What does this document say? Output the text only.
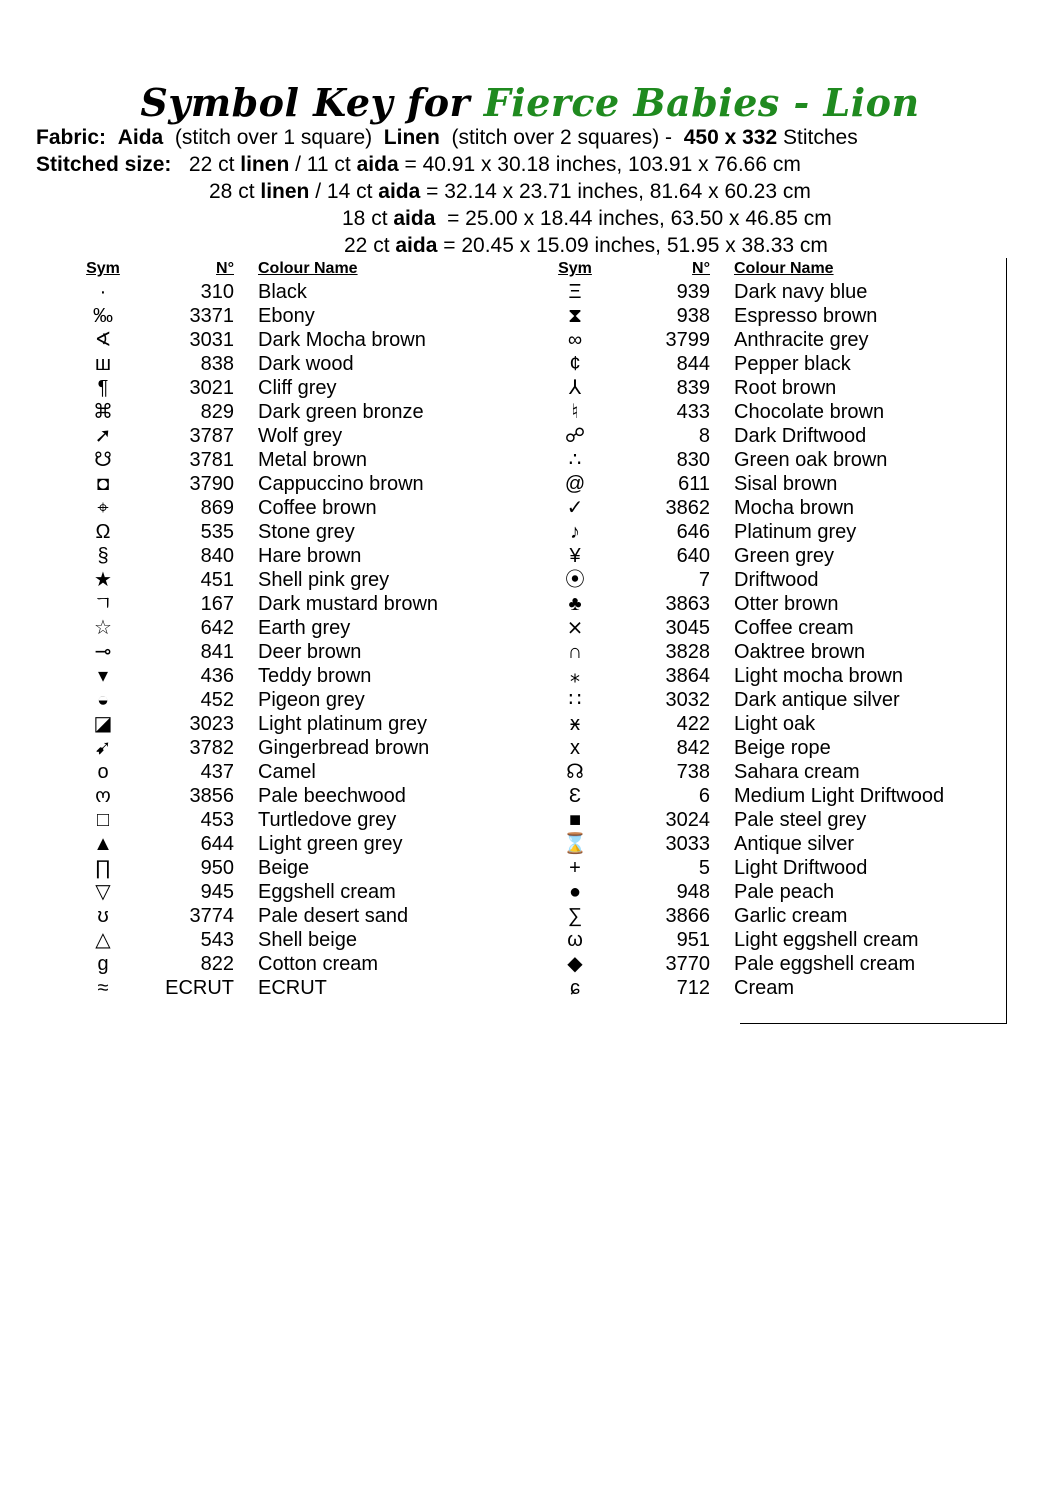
Symbol Key for Fierce Babies - Lion
Fabric: Aida (stitch over 1 square) Linen (stitch over 2 squares) - 450 x 332 Stitches
Stitched size: 22 ct linen / 11 ct aida = 40.91 x 30.18 inches, 103.91 x 76.66 cm
28 ct linen / 14 ct aida = 32.14 x 23.71 inches, 81.64 x 60.23 cm
18 ct aida  = 25.00 x 18.44 inches, 63.50 x 46.85 cm
22 ct aida = 20.45 x 15.09 inches, 51.95 x 38.33 cm
Sym	N°	Colour Name
·	310	Black
‰	3371	Ebony
∢	3031	Dark Mocha brown
ш	838	Dark wood
¶	3021	Cliff grey
⌘	829	Dark green bronze
➚	3787	Wolf grey
☋	3781	Metal brown
◘	3790	Cappuccino brown
⌖	869	Coffee brown
Ω	535	Stone grey
§	840	Hare brown
★	451	Shell pink grey
ㄱ	167	Dark mustard brown
☆	642	Earth grey
⊸	841	Deer brown
▾	436	Teddy brown
◒	452	Pigeon grey
◪	3023	Light platinum grey
➹	3782	Gingerbread brown
o	437	Camel
ო	3856	Pale beechwood
□	453	Turtledove grey
▲	644	Light green grey
∏	950	Beige
▽	945	Eggshell cream
ʊ	3774	Pale desert sand
△	543	Shell beige
g	822	Cotton cream
≈	ECRUT	ECRUT
Sym	N°	Colour Name
Ξ	939	Dark navy blue
⧗	938	Espresso brown
∞	3799	Anthracite grey
¢	844	Pepper black
⅄	839	Root brown
♮	433	Chocolate brown
☍	8	Dark Driftwood
∴	830	Green oak brown
@	611	Sisal brown
✓	3862	Mocha brown
♪	646	Platinum grey
¥	640	Green grey
⦿	7	Driftwood
♣	3863	Otter brown
⨯	3045	Coffee cream
∩	3828	Oaktree brown
⁎	3864	Light mocha brown
∷	3032	Dark antique silver
ӿ	422	Light oak
x	842	Beige rope
☊	738	Sahara cream
Ɛ	6	Medium Light Driftwood
■	3024	Pale steel grey
⌛	3033	Antique silver
+	5	Light Driftwood
●	948	Pale peach
∑	3866	Garlic cream
ω	951	Light eggshell cream
◆	3770	Pale eggshell cream
ɕ	712	Cream
